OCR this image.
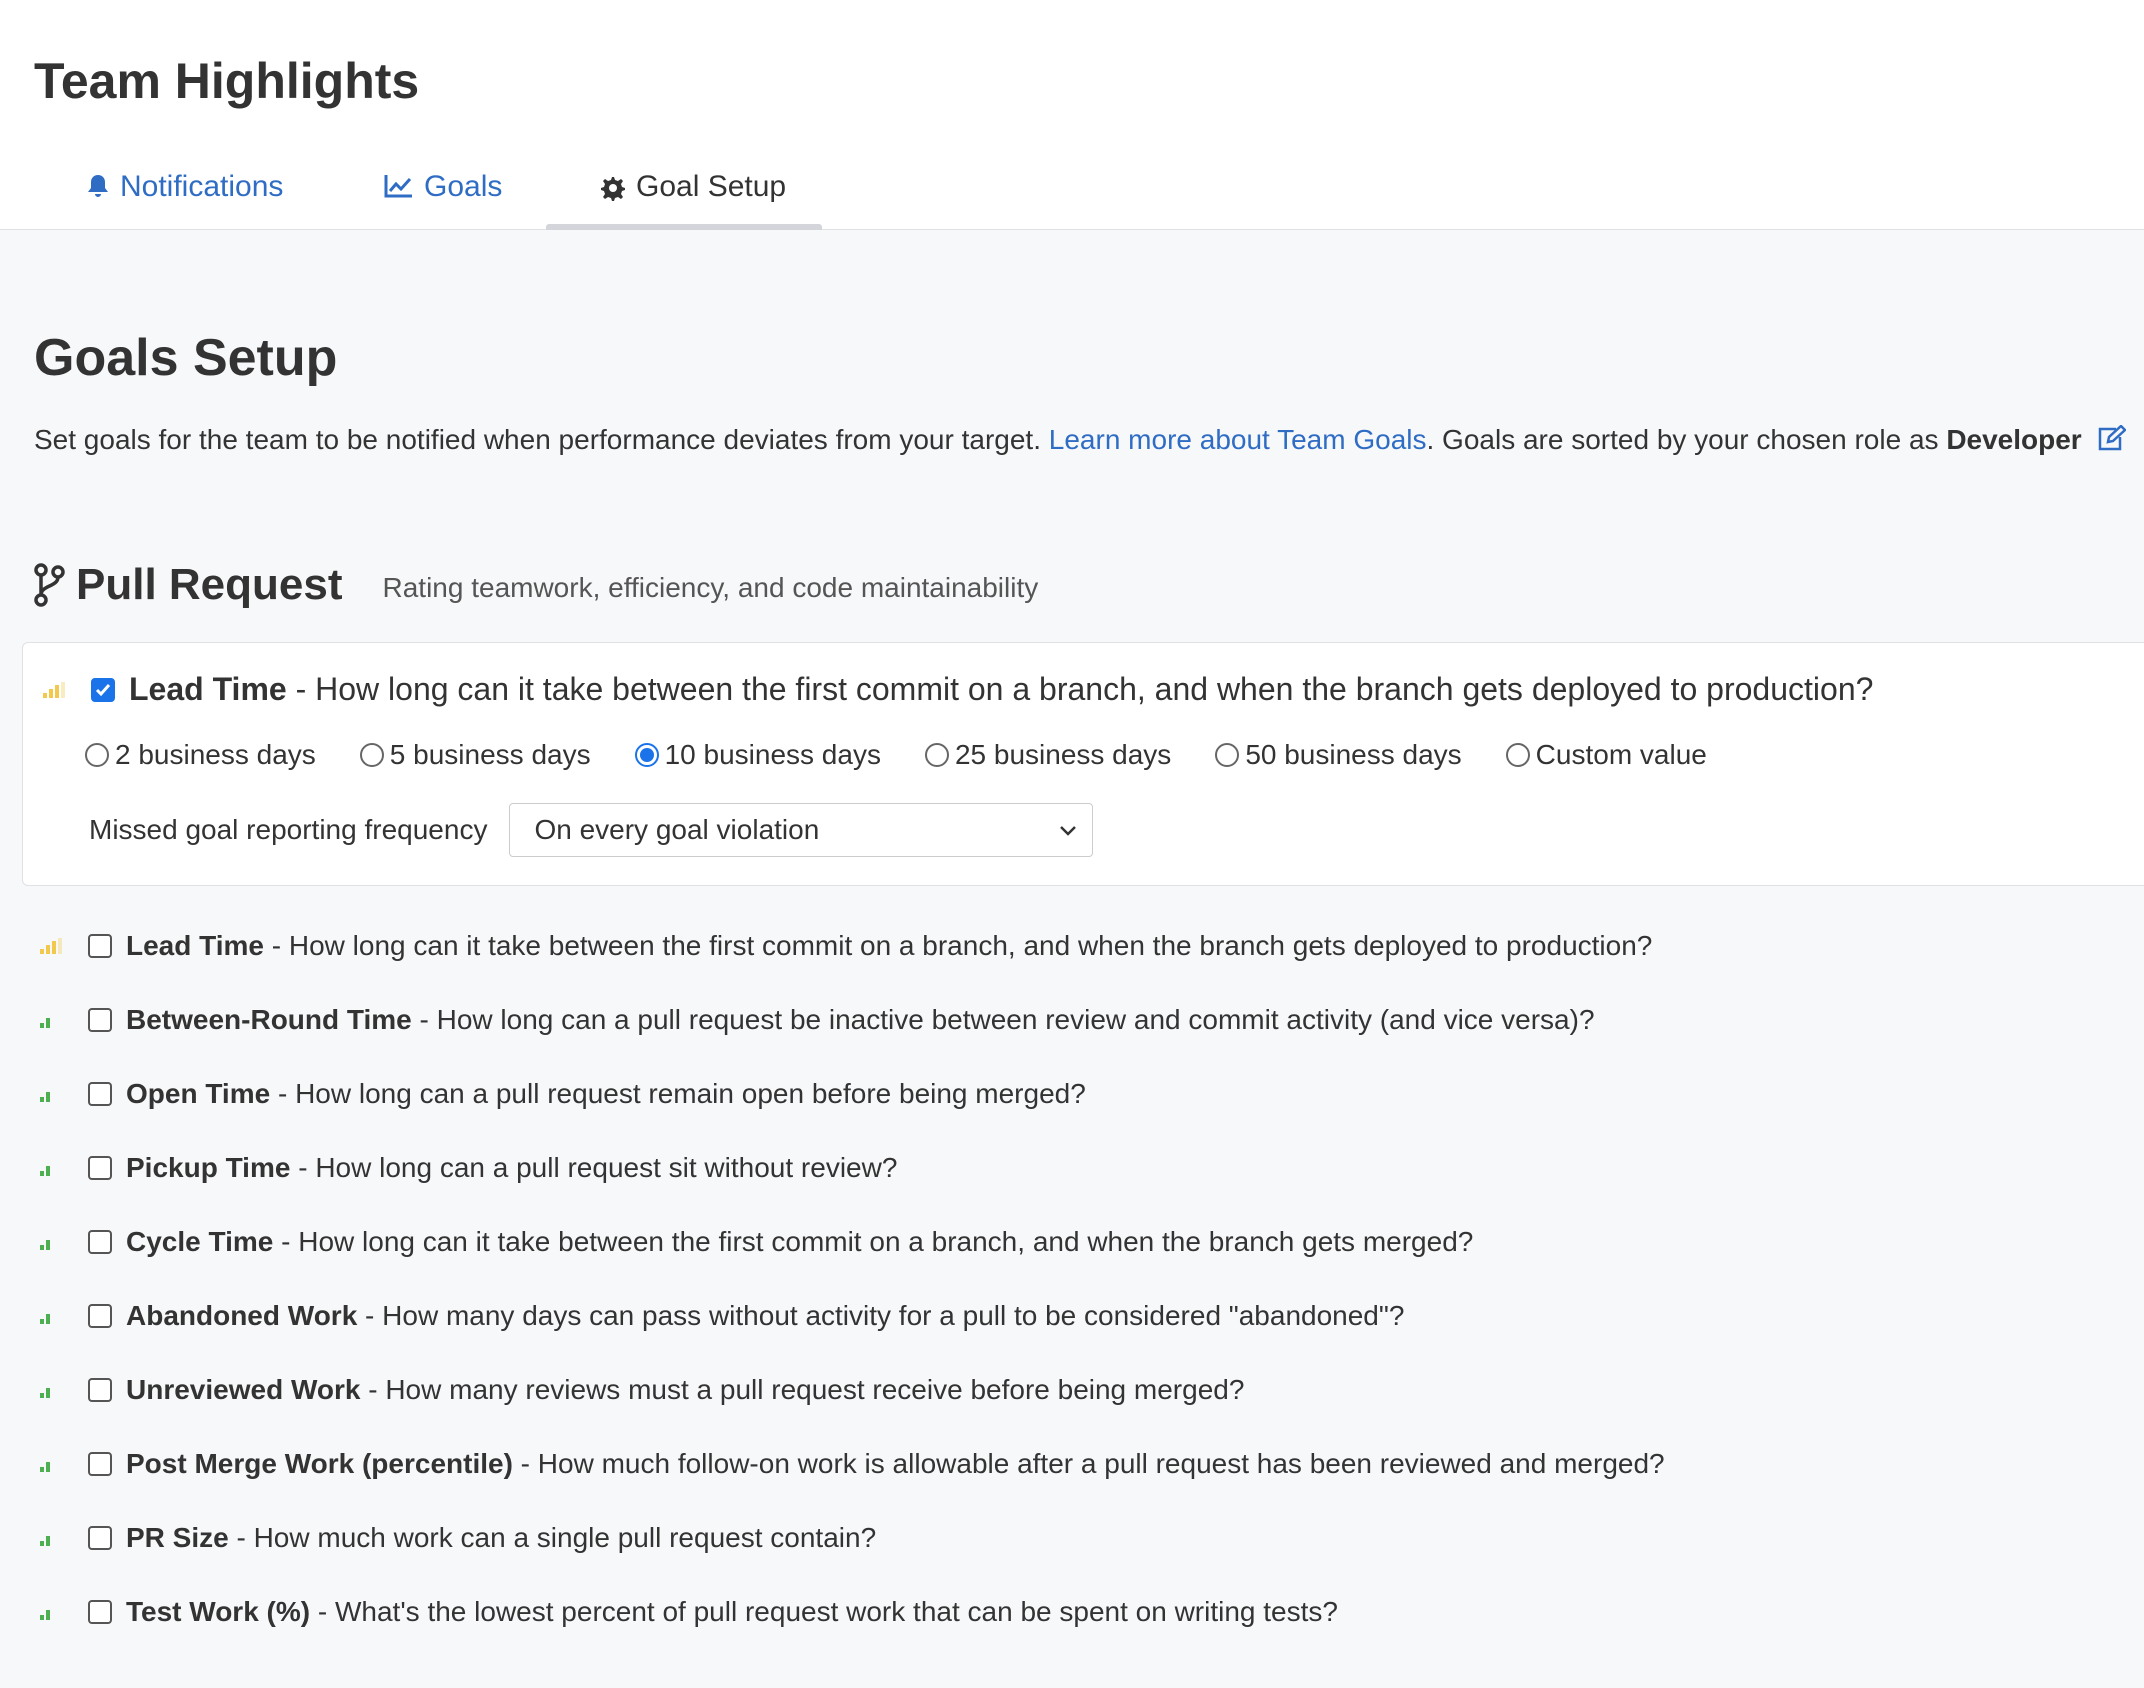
Team Highlights
Notifications	Goals	Goal Setup
Goals Setup
Set goals for the team to be notified when performance deviates from your target. Learn more about Team Goals. Goals are sorted by your chosen role as Developer
Pull Request Rating teamwork, efficiency, and code maintainability
Lead Time - How long can it take between the first commit on a branch, and when the branch gets deployed to production?
2 business days	5 business days	10 business days	25 business days	50 business days	Custom value
Missed goal reporting frequency On every goal violation
Lead Time - How long can it take between the first commit on a branch, and when the branch gets deployed to production?
Between-Round Time - How long can a pull request be inactive between review and commit activity (and vice versa)?
Open Time - How long can a pull request remain open before being merged?
Pickup Time - How long can a pull request sit without review?
Cycle Time - How long can it take between the first commit on a branch, and when the branch gets merged?
Abandoned Work - How many days can pass without activity for a pull to be considered "abandoned"?
Unreviewed Work - How many reviews must a pull request receive before being merged?
Post Merge Work (percentile) - How much follow-on work is allowable after a pull request has been reviewed and merged?
PR Size - How much work can a single pull request contain?
Test Work (%) - What's the lowest percent of pull request work that can be spent on writing tests?
